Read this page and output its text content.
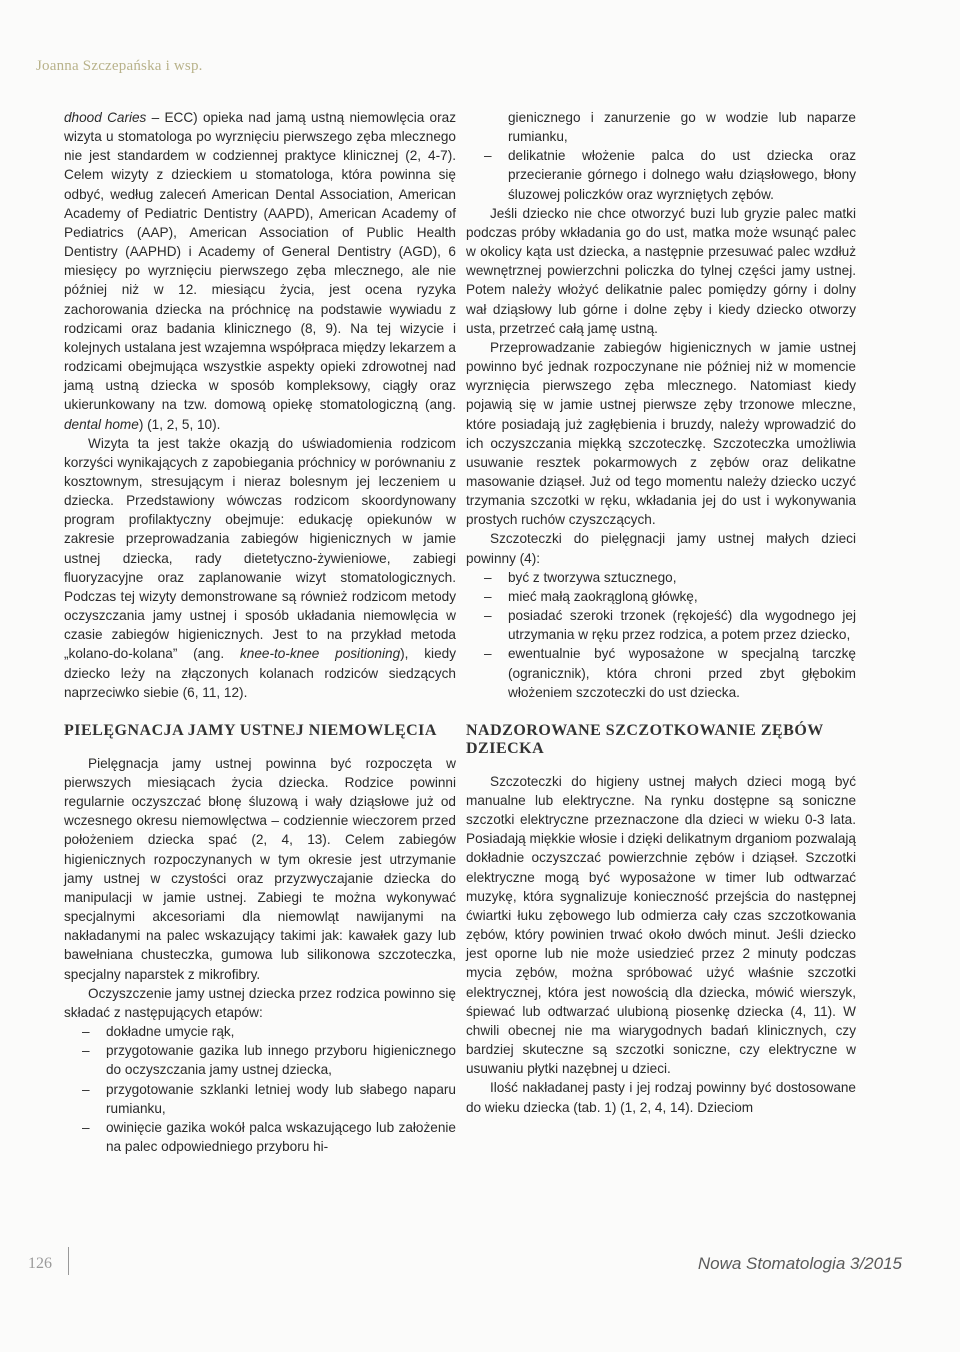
Joanna Szczepańska i wsp.

dhood Caries – ECC) opieka nad jamą ustną niemowlęcia oraz wizyta u stomatologa po wyrznięciu pierwszego zęba mlecznego nie jest standardem w codziennej praktyce klinicznej (2, 4-7). Celem wizyty z dzieckiem u stomatologa, która powinna się odbyć, według zaleceń American Dental Association, American Academy of Pediatric Dentistry (AAPD), American Academy of Pediatrics (AAP), American Association of Public Health Dentistry (AAPHD) i Academy of General Dentistry (AGD), 6 miesięcy po wyrznięciu pierwszego zęba mlecznego, ale nie później niż w 12. miesiącu życia, jest ocena ryzyka zachorowania dziecka na próchnicę na podstawie wywiadu z rodzicami oraz badania klinicznego (8, 9). Na tej wizycie i kolejnych ustalana jest wzajemna współpraca między lekarzem a rodzicami obejmująca wszystkie aspekty opieki zdrowotnej nad jamą ustną dziecka w sposób kompleksowy, ciągły oraz ukierunkowany na tzw. domową opiekę stomatologiczną (ang. dental home) (1, 2, 5, 10).

Wizyta ta jest także okazją do uświadomienia rodzicom korzyści wynikających z zapobiegania próchnicy w porównaniu z kosztownym, stresującym i nieraz bolesnym jej leczeniem u dziecka. Przedstawiony wówczas rodzicom skoordynowany program profilaktyczny obejmuje: edukację opiekunów w zakresie przeprowadzania zabiegów higienicznych w jamie ustnej dziecka, rady dietetyczno-żywieniowe, zabiegi fluoryzacyjne oraz zaplanowanie wizyt stomatologicznych. Podczas tej wizyty demonstrowane są również rodzicom metody oczyszczania jamy ustnej i sposób układania niemowlęcia w czasie zabiegów higienicznych. Jest to na przykład metoda „kolano-do-kolana” (ang. knee-to-knee positioning), kiedy dziecko leży na złączonych kolanach rodziców siedzących naprzeciwko siebie (6, 11, 12).

PIELĘGNACJA JAMY USTNEJ NIEMOWLĘCIA

Pielęgnacja jamy ustnej powinna być rozpoczęta w pierwszych miesiącach życia dziecka. Rodzice powinni regularnie oczyszczać błonę śluzową i wały dziąsłowe już od wczesnego okresu niemowlęctwa – codziennie wieczorem przed położeniem dziecka spać (2, 4, 13). Celem zabiegów higienicznych rozpoczynanych w tym okresie jest utrzymanie jamy ustnej w czystości oraz przyzwyczajanie dziecka do manipulacji w jamie ustnej. Zabiegi te można wykonywać specjalnymi akcesoriami dla niemowląt nawijanymi na nakładanymi na palec wskazujący takimi jak: kawałek gazy lub bawełniana chusteczka, gumowa lub silikonowa szczoteczka, specjalny naparstek z mikrofibry.

Oczyszczenie jamy ustnej dziecka przez rodzica powinno się składać z następujących etapów:

– dokładne umycie rąk,
– przygotowanie gazika lub innego przyboru higienicznego do oczyszczania jamy ustnej dziecka,
– przygotowanie szklanki letniej wody lub słabego naparu rumianku,
– owinięcie gazika wokół palca wskazującego lub założenie na palec odpowiedniego przyboru hi-
gienicznego i zanurzenie go w wodzie lub naparze rumianku,
– delikatnie włożenie palca do ust dziecka oraz przecieranie górnego i dolnego wału dziąsłowego, błony śluzowej policzków oraz wyrzniętych zębów.

Jeśli dziecko nie chce otworzyć buzi lub gryzie palec matki podczas próby wkładania go do ust, matka może wsunąć palec w okolicy kąta ust dziecka, a następnie przesuwać palec wzdłuż wewnętrznej powierzchni policzka do tylnej części jamy ustnej. Potem należy włożyć delikatnie palec pomiędzy górny i dolny wał dziąsłowy lub górne i dolne zęby i kiedy dziecko otworzy usta, przetrzeć całą jamę ustną.

Przeprowadzanie zabiegów higienicznych w jamie ustnej powinno być jednak rozpoczynane nie później niż w momencie wyrznięcia pierwszego zęba mlecznego. Natomiast kiedy pojawią się w jamie ustnej pierwsze zęby trzonowe mleczne, które posiadają już zagłębienia i bruzdy, należy wprowadzić do ich oczyszczania miękką szczoteczkę. Szczoteczka umożliwia usuwanie resztek pokarmowych z zębów oraz delikatne masowanie dziąseł. Już od tego momentu należy dziecko uczyć trzymania szczotki w ręku, wkładania jej do ust i wykonywania prostych ruchów czyszczących.

Szczoteczki do pielęgnacji jamy ustnej małych dzieci powinny (4):

– być z tworzywa sztucznego,
– mieć małą zaokrągloną główkę,
– posiadać szeroki trzonek (rękojeść) dla wygodnego jej utrzymania w ręku przez rodzica, a potem przez dziecko,
– ewentualnie być wyposażone w specjalną tarczkę (ogranicznik), która chroni przed zbyt głębokim włożeniem szczoteczki do ust dziecka.
NADZOROWANE SZCZOTKOWANIE ZĘBÓW DZIECKA

Szczoteczki do higieny ustnej małych dzieci mogą być manualne lub elektryczne. Na rynku dostępne są soniczne szczotki elektryczne przeznaczone dla dzieci w wieku 0-3 lata. Posiadają miękkie włosie i dzięki delikatnym drganiom pozwalają dokładnie oczyszczać powierzchnie zębów i dziąseł. Szczotki elektryczne mogą być wyposażone w timer lub odtwarzać muzykę, która sygnalizuje konieczność przejścia do następnej ćwiartki łuku zębowego lub odmierza cały czas szczotkowania zębów, który powinien trwać około dwóch minut. Jeśli dziecko jest oporne lub nie może usiedzieć przez 2 minuty podczas mycia zębów, można spróbować użyć właśnie szczotki elektrycznej, która jest nowością dla dziecka, mówić wierszyk, śpiewać lub odtwarzać ulubioną piosenkę dziecka (4, 11). W chwili obecnej nie ma wiarygodnych badań klinicznych, czy bardziej skuteczne są szczotki soniczne, czy elektryczne w usuwaniu płytki nazębnej u dzieci.

Ilość nakładanej pasty i jej rodzaj powinny być dostosowane do wieku dziecka (tab. 1) (1, 2, 4, 14). Dzieciom

126	Nowa Stomatologia 3/2015
